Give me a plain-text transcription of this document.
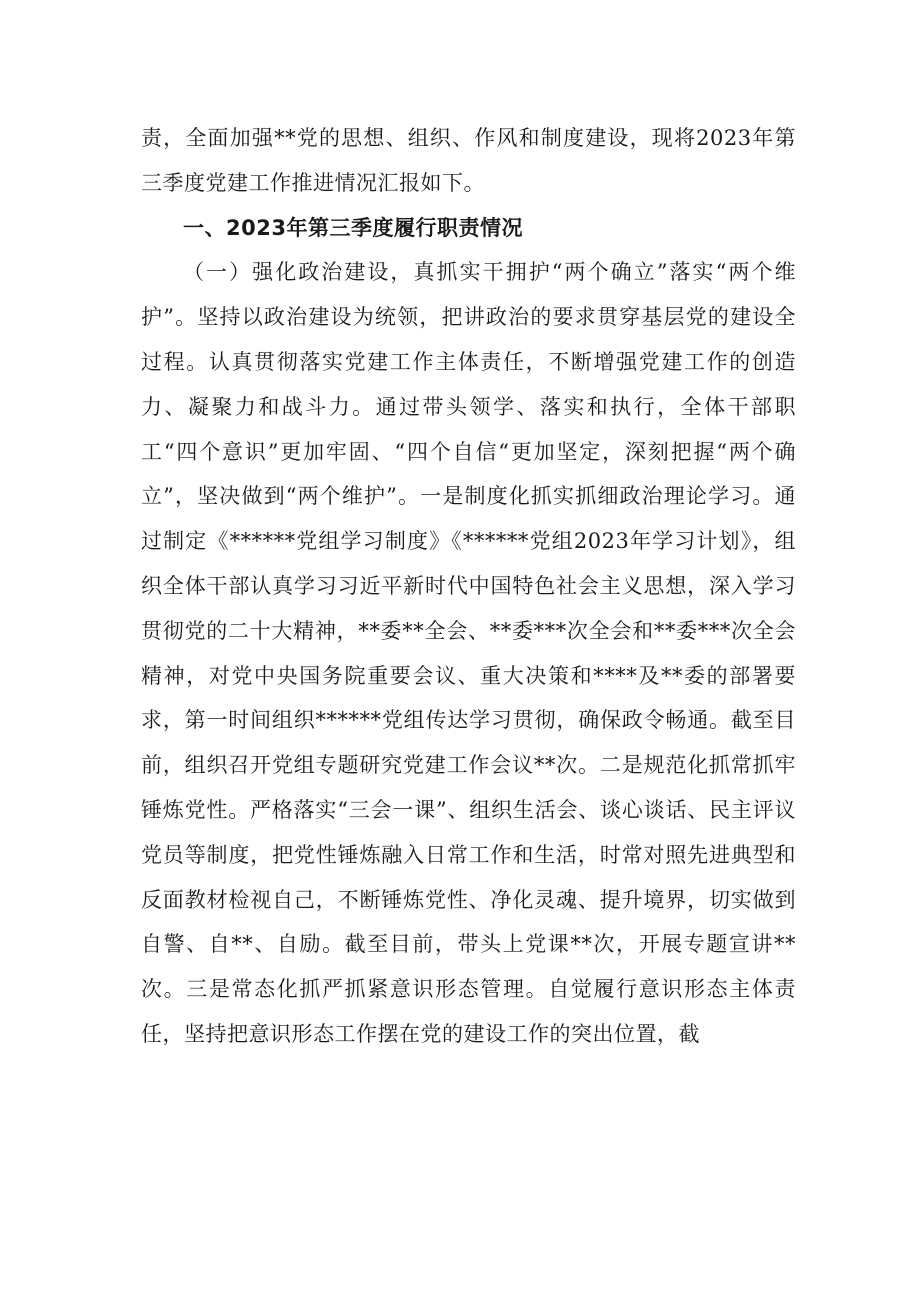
责，全面加强**党的思想、组织、作风和制度建设，现将2023年第三季度党建工作推进情况汇报如下。

一、2023年第三季度履行职责情况

（一）强化政治建设，真抓实干拥护“两个确立”落实“两个维护”。坚持以政治建设为统领，把讲政治的要求贯穿基层党的建设全过程。认真贯彻落实党建工作主体责任，不断增强党建工作的创造力、凝聚力和战斗力。通过带头领学、落实和执行，全体干部职工“四个意识”更加牢固、“四个自信“更加坚定，深刻把握“两个确立”，坚决做到“两个维护”。一是制度化抓实抓细政治理论学习。通过制定《******党组学习制度》《******党组2023年学习计划》，组织全体干部认真学习习近平新时代中国特色社会主义思想，深入学习贯彻党的二十大精神，**委**全会、**委***次全会和**委***次全会精神，对党中央国务院重要会议、重大决策和****及**委的部署要求，第一时间组织******党组传达学习贯彻，确保政令畅通。截至目前，组织召开党组专题研究党建工作会议**次。二是规范化抓常抓牢锤炼党性。严格落实“三会一课”、组织生活会、谈心谈话、民主评议党员等制度，把党性锤炼融入日常工作和生活，时常对照先进典型和反面教材检视自己，不断锤炼党性、净化灵魂、提升境界，切实做到自警、自**、自励。截至目前，带头上党课**次，开展专题宣讲**次。三是常态化抓严抓紧意识形态管理。自觉履行意识形态主体责任，坚持把意识形态工作摆在党的建设工作的突出位置，截
